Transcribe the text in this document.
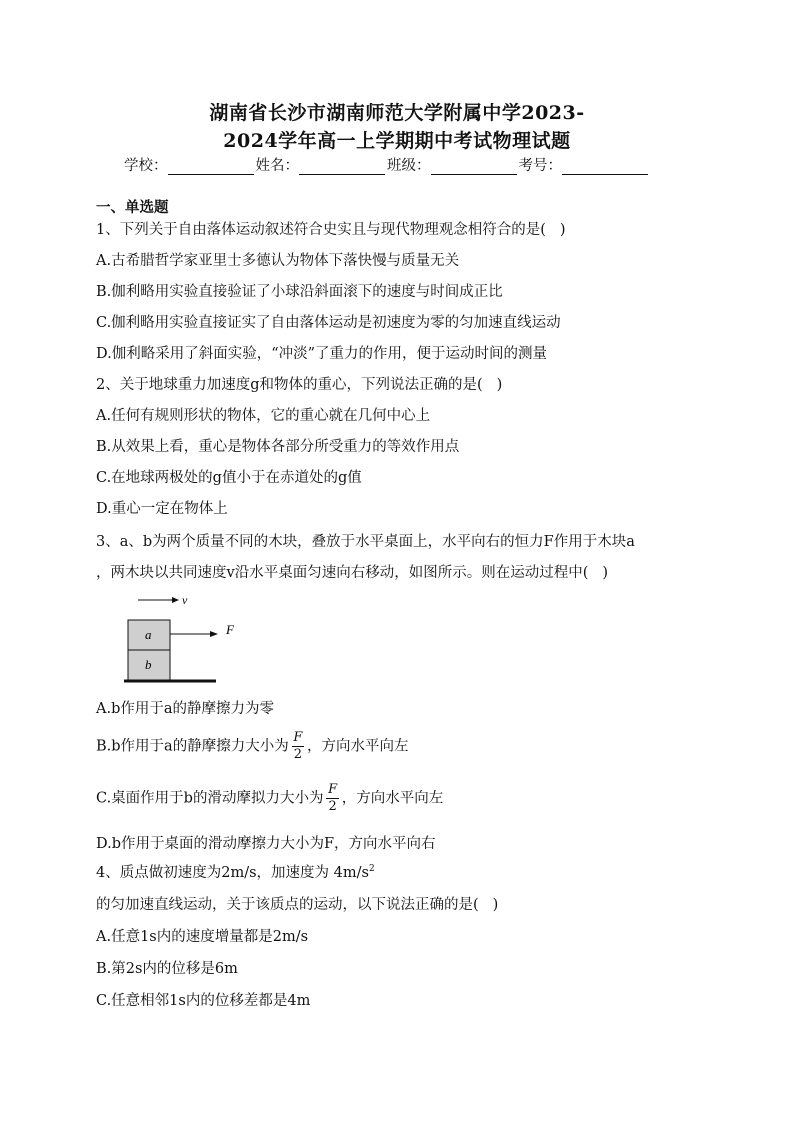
湖南省长沙市湖南师范大学附属中学2023-
2024学年高一上学期期中考试物理试题
学校：	姓名：	班级：	考号：
一、单选题
1、下列关于自由落体运动叙述符合史实且与现代物理观念相符合的是( )
A.古希腊哲学家亚里士多德认为物体下落快慢与质量无关
B.伽利略用实验直接验证了小球沿斜面滚下的速度与时间成正比
C.伽利略用实验直接证实了自由落体运动是初速度为零的匀加速直线运动
D.伽利略采用了斜面实验，“冲淡”了重力的作用，便于运动时间的测量
2、关于地球重力加速度g和物体的重心，下列说法正确的是( )
A.任何有规则形状的物体，它的重心就在几何中心上
B.从效果上看，重心是物体各部分所受重力的等效作用点
C.在地球两极处的g值小于在赤道处的g值
D.重心一定在物体上
3、a、b为两个质量不同的木块，叠放于水平桌面上，水平向右的恒力F作用于木块a
，两木块以共同速度v沿水平桌面匀速向右移动，如图所示。则在运动过程中( )
v
a
b
F
A.b作用于a的静摩擦力为零
B.b作用于a的静摩擦力大小为 $\frac{F}{2}$ ，方向水平向左
C.桌面作用于b的滑动摩拟力大小为 $\frac{F}{2}$ ，方向水平向左
D.b作用于桌面的滑动摩擦力大小为F，方向水平向右
4、质点做初速度为2m/s，加速度为 $4m/s^2$
的匀加速直线运动，关于该质点的运动，以下说法正确的是( )
A.任意1s内的速度增量都是2m/s
B.第2s内的位移是6m
C.任意相邻1s内的位移差都是4m
